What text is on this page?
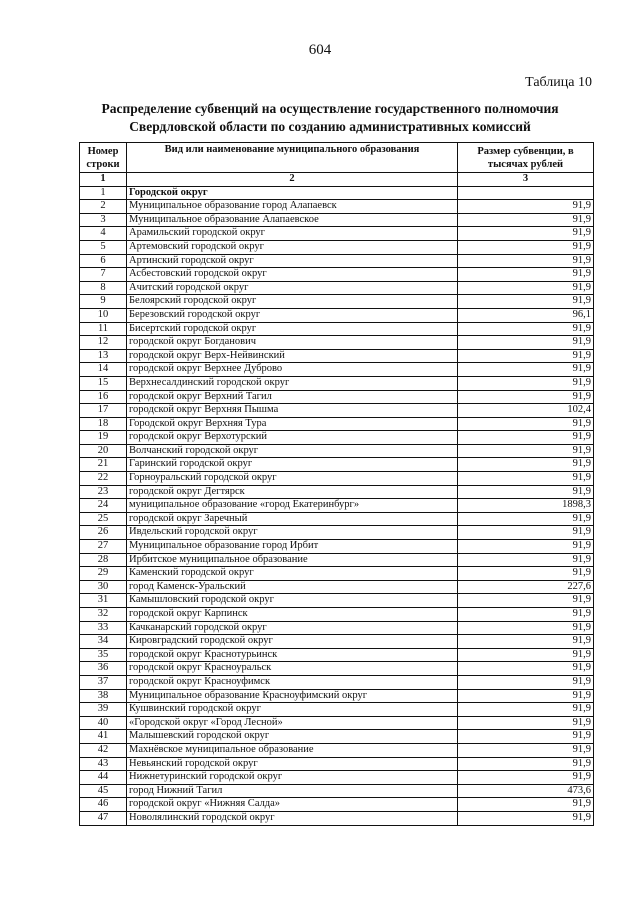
604
Таблица 10
Распределение субвенций на осуществление государственного полномочия
Свердловской области по созданию административных комиссий
Номер строки	Вид или наименование муниципального образования	Размер субвенции, в тысячах рублей
1	2	3
1	Городской округ	
2	Муниципальное образование город Алапаевск	91,9
3	Муниципальное образование Алапаевское	91,9
4	Арамильский городской округ	91,9
5	Артемовский городской округ	91,9
6	Артинский городской округ	91,9
7	Асбестовский городской округ	91,9
8	Ачитский городской округ	91,9
9	Белоярский городской округ	91,9
10	Березовский городской округ	96,1
11	Бисертский городской округ	91,9
12	городской округ Богданович	91,9
13	городской округ Верх-Нейвинский	91,9
14	городской округ Верхнее Дуброво	91,9
15	Верхнесалдинский городской округ	91,9
16	городской округ Верхний Тагил	91,9
17	городской округ Верхняя Пышма	102,4
18	Городской округ Верхняя Тура	91,9
19	городской округ Верхотурский	91,9
20	Волчанский городской округ	91,9
21	Гаринский городской округ	91,9
22	Горноуральский городской округ	91,9
23	городской округ Дегтярск	91,9
24	муниципальное образование «город Екатеринбург»	1898,3
25	городской округ Заречный	91,9
26	Ивдельский городской округ	91,9
27	Муниципальное образование город Ирбит	91,9
28	Ирбитское муниципальное образование	91,9
29	Каменский городской округ	91,9
30	город Каменск-Уральский	227,6
31	Камышловский городской округ	91,9
32	городской округ Карпинск	91,9
33	Качканарский городской округ	91,9
34	Кировградский городской округ	91,9
35	городской округ Краснотурьинск	91,9
36	городской округ Красноуральск	91,9
37	городской округ Красноуфимск	91,9
38	Муниципальное образование Красноуфимский округ	91,9
39	Кушвинский городской округ	91,9
40	«Городской округ «Город Лесной»	91,9
41	Малышевский городской округ	91,9
42	Махнёвское муниципальное образование	91,9
43	Невьянский городской округ	91,9
44	Нижнетуринский городской округ	91,9
45	город Нижний Тагил	473,6
46	городской округ «Нижняя Салда»	91,9
47	Новолялинский городской округ	91,9
